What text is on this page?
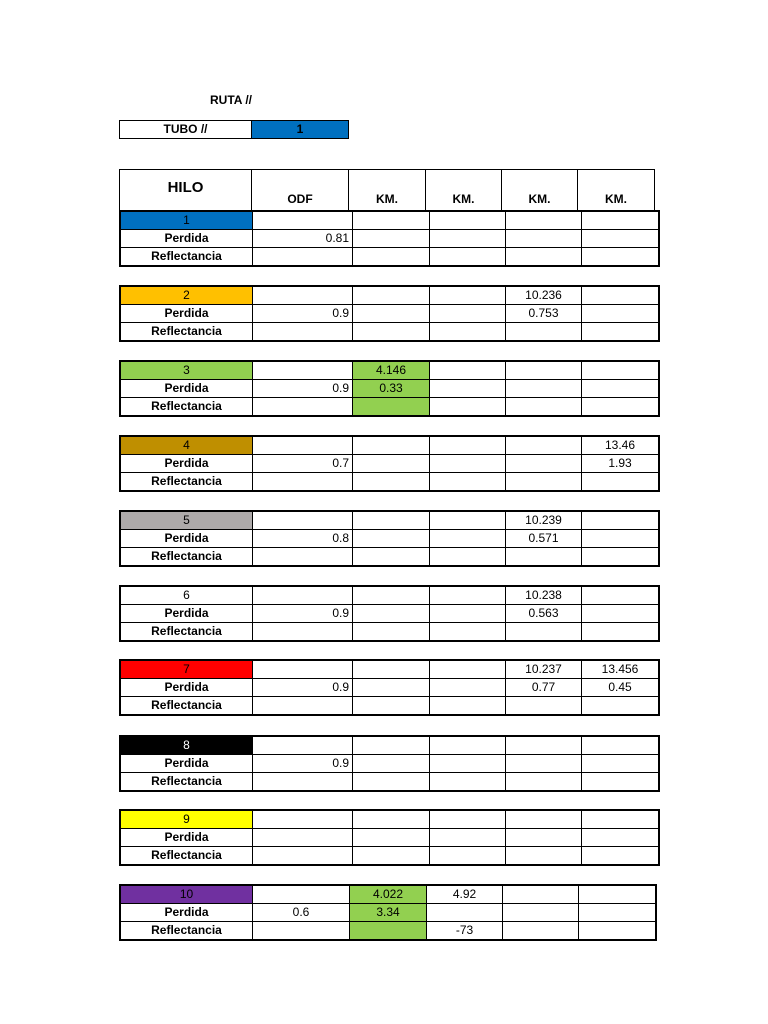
RUTA //
TUBO //	1
HILO	ODF	KM.	KM.	KM.	KM.
1					
Perdida	0.81				
Reflectancia					
2				10.236	
Perdida	0.9			0.753	
Reflectancia					
3		4.146			
Perdida	0.9	0.33			
Reflectancia					
4					13.46
Perdida	0.7				1.93
Reflectancia					
5				10.239	
Perdida	0.8			0.571	
Reflectancia					
6				10.238	
Perdida	0.9			0.563	
Reflectancia					
7				10.237	13.456
Perdida	0.9			0.77	0.45
Reflectancia					
8					
Perdida	0.9				
Reflectancia					
9					
Perdida					
Reflectancia					
10		4.022	4.92		
Perdida	0.6	3.34			
Reflectancia			-73		
